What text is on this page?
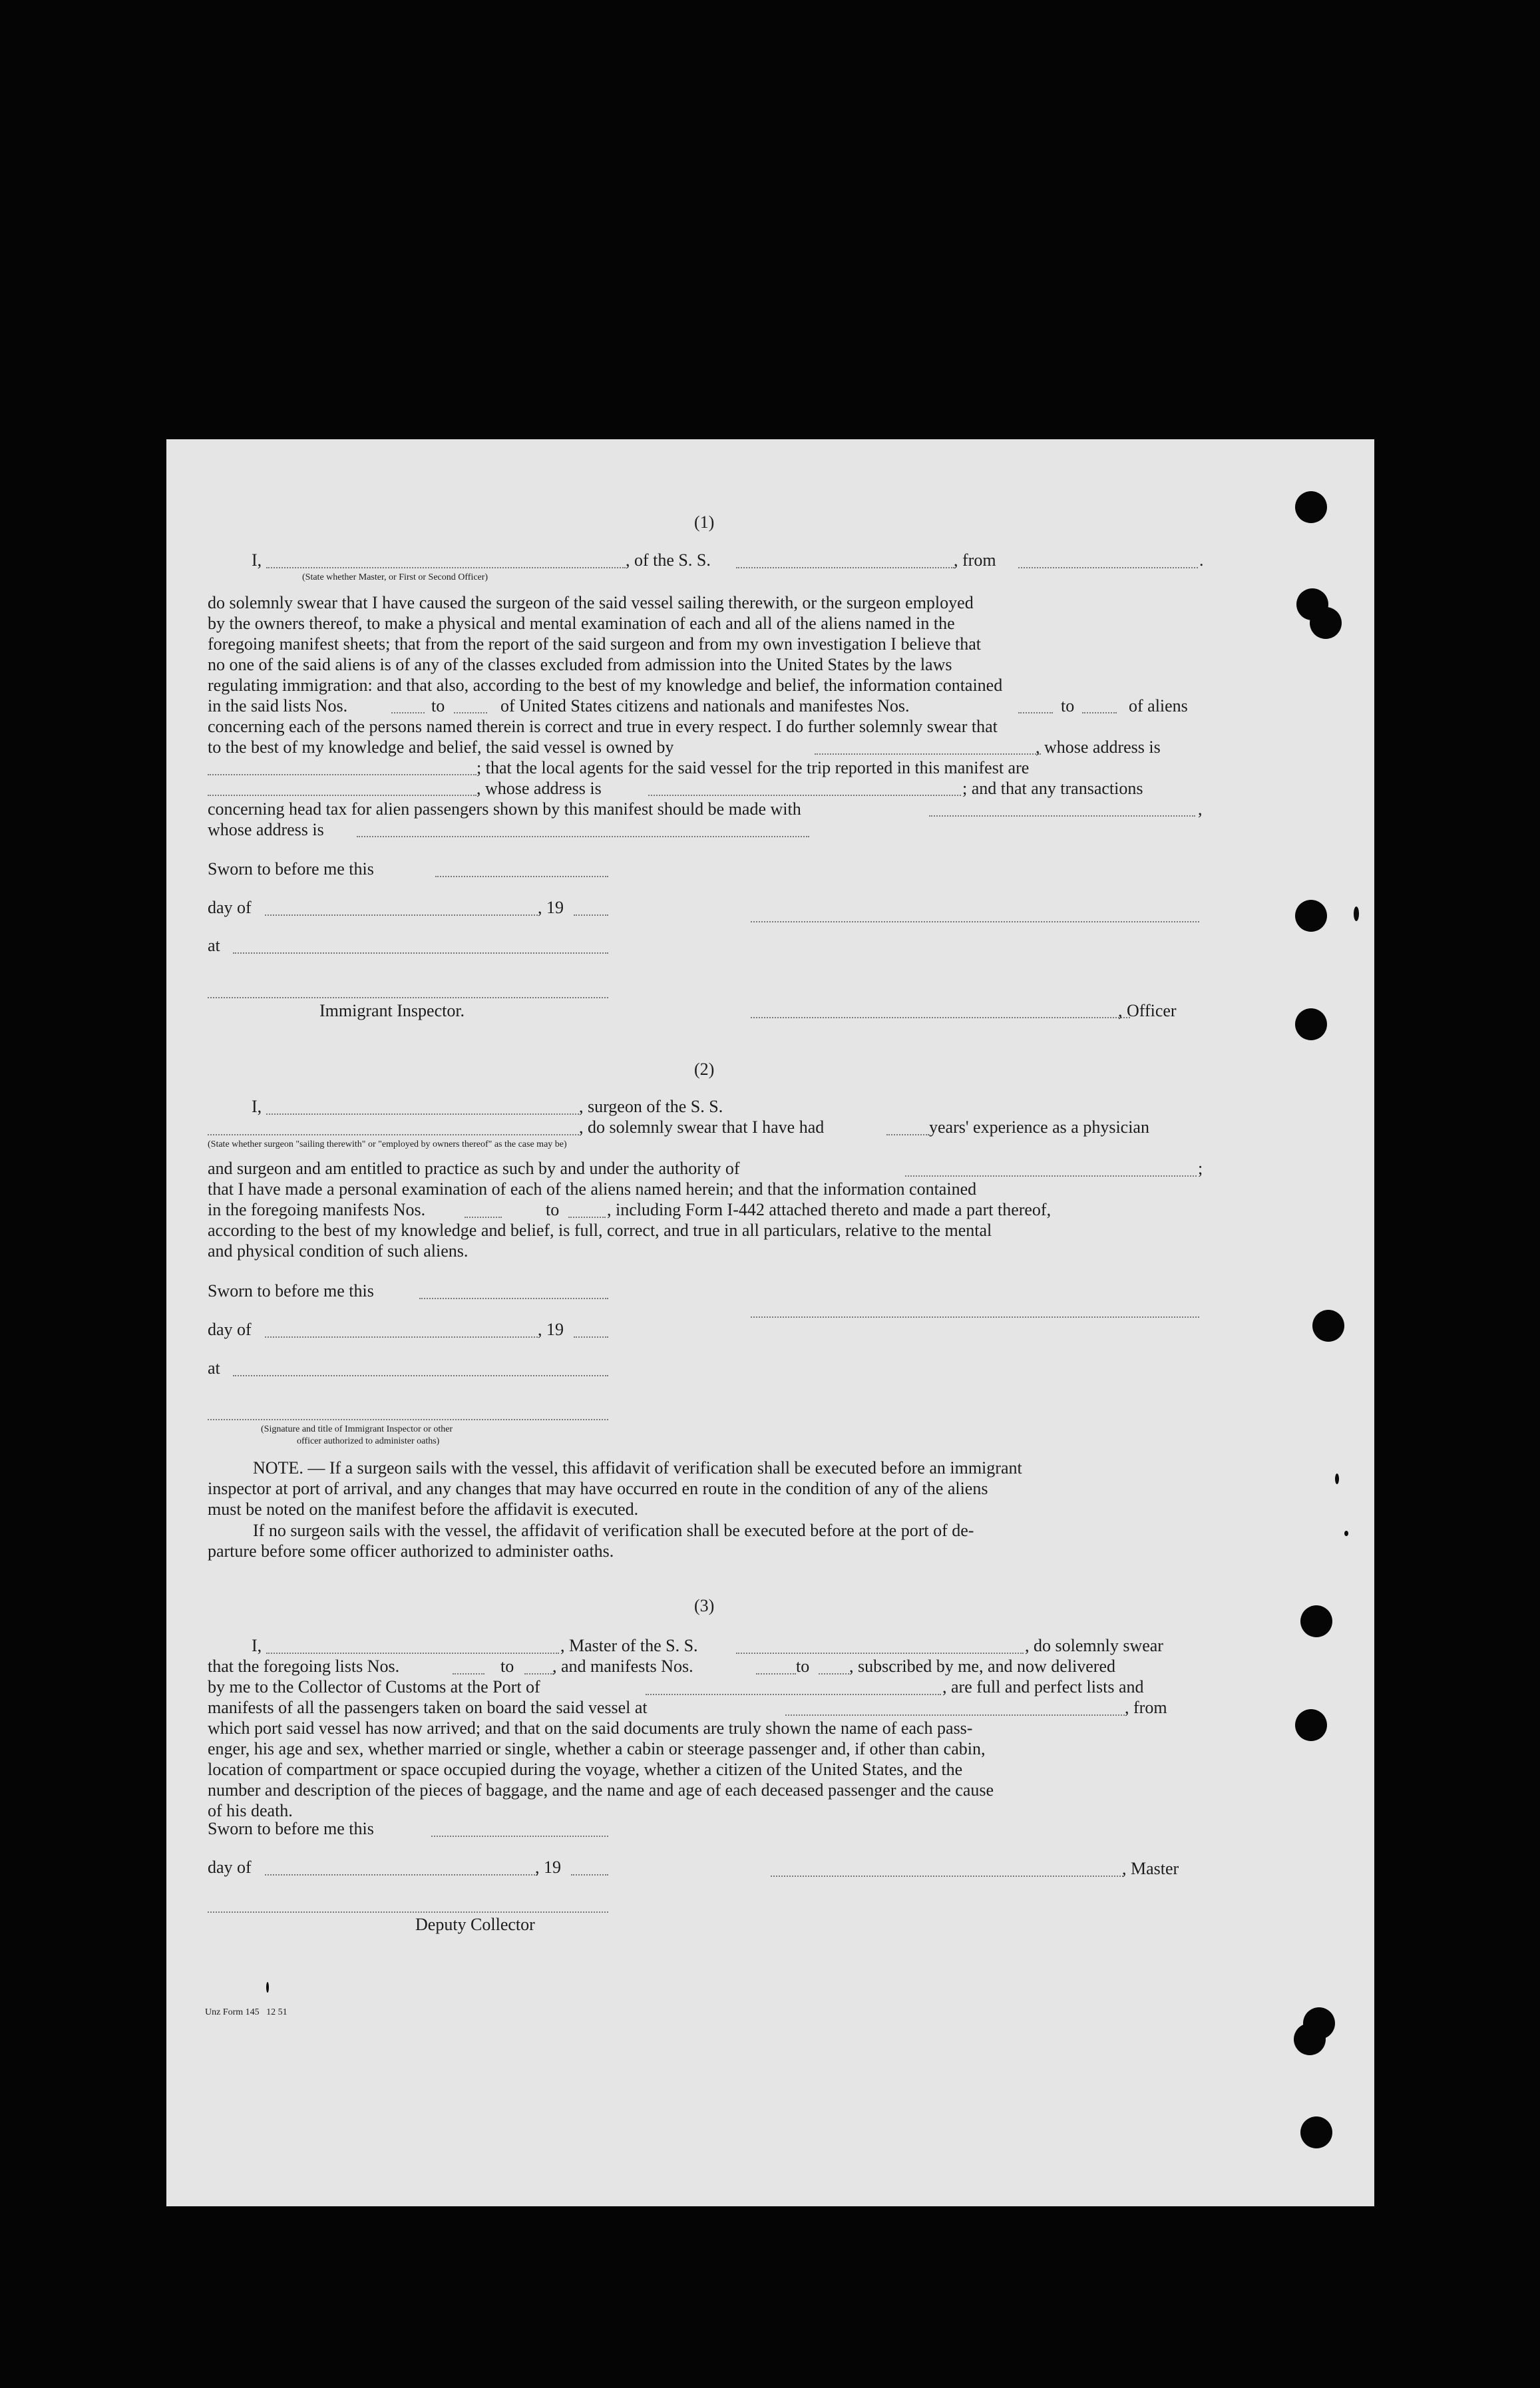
(1)
I,	, of the S. S.	, from	.
(State whether Master, or First or Second Officer)
do solemnly swear that I have caused the surgeon of the said vessel sailing therewith, or the surgeon employed
by the owners thereof, to make a physical and mental examination of each and all of the aliens named in the
foregoing manifest sheets; that from the report of the said surgeon and from my own investigation I believe that
no one of the said aliens is of any of the classes excluded from admission into the United States by the laws
regulating immigration: and that also, according to the best of my knowledge and belief, the information contained
in the said lists Nos.	to	of United States citizens and nationals and manifestes Nos.	to	of aliens
concerning each of the persons named therein is correct and true in every respect. I do further solemnly swear that
to the best of my knowledge and belief, the said vessel is owned by	, whose address is
; that the local agents for the said vessel for the trip reported in this manifest are
, whose address is	; and that any transactions
concerning head tax for alien passengers shown by this manifest should be made with	,
whose address is
Sworn to before me this
day of	, 19
at
Immigrant Inspector.	, Officer
(2)
I,	, surgeon of the S. S.
, do solemnly swear that I have had	years' experience as a physician
(State whether surgeon "sailing therewith" or "employed by owners thereof" as the case may be)
and surgeon and am entitled to practice as such by and under the authority of	;
that I have made a personal examination of each of the aliens named herein; and that the information contained
in the foregoing manifests Nos.	to	, including Form I-442 attached thereto and made a part thereof,
according to the best of my knowledge and belief, is full, correct, and true in all particulars, relative to the mental
and physical condition of such aliens.
Sworn to before me this
day of	, 19
at
(Signature and title of Immigrant Inspector or other
officer authorized to administer oaths)
NOTE. — If a surgeon sails with the vessel, this affidavit of verification shall be executed before an immigrant
inspector at port of arrival, and any changes that may have occurred en route in the condition of any of the aliens
must be noted on the manifest before the affidavit is executed.
If no surgeon sails with the vessel, the affidavit of verification shall be executed before at the port of de-
parture before some officer authorized to administer oaths.
(3)
I,	, Master of the S. S.	, do solemnly swear
that the foregoing lists Nos.	to , and manifests Nos.	to , subscribed by me, and now delivered
by me to the Collector of Customs at the Port of	, are full and perfect lists and
manifests of all the passengers taken on board the said vessel at	, from
which port said vessel has now arrived; and that on the said documents are truly shown the name of each pass-
enger, his age and sex, whether married or single, whether a cabin or steerage passenger and, if other than cabin,
location of compartment or space occupied during the voyage, whether a citizen of the United States, and the
number and description of the pieces of baggage, and the name and age of each deceased passenger and the cause
of his death.
Sworn to before me this
day of	, 19	, Master
Deputy Collector
Unz Form 145   12 51
